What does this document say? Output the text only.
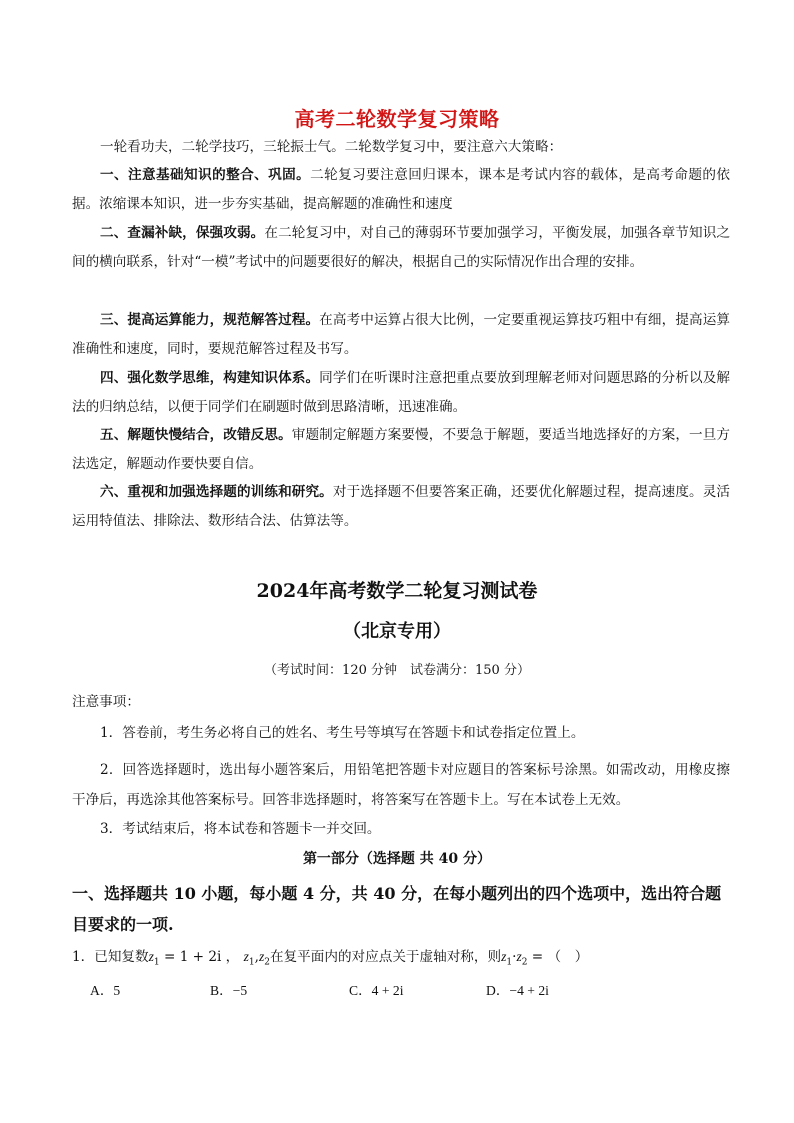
高考二轮数学复习策略

一轮看功夫，二轮学技巧，三轮振士气。二轮数学复习中，要注意六大策略：

一、注意基础知识的整合、巩固。二轮复习要注意回归课本，课本是考试内容的载体，是高考命题的依据。浓缩课本知识，进一步夯实基础，提高解题的准确性和速度

二、查漏补缺，保强攻弱。在二轮复习中，对自己的薄弱环节要加强学习，平衡发展，加强各章节知识之间的横向联系，针对“一模”考试中的问题要很好的解决，根据自己的实际情况作出合理的安排。

三、提高运算能力，规范解答过程。在高考中运算占很大比例，一定要重视运算技巧粗中有细，提高运算准确性和速度，同时，要规范解答过程及书写。

四、强化数学思维，构建知识体系。同学们在听课时注意把重点要放到理解老师对问题思路的分析以及解法的归纳总结，以便于同学们在刷题时做到思路清晰，迅速准确。

五、解题快慢结合，改错反思。审题制定解题方案要慢，不要急于解题，要适当地选择好的方案，一旦方法选定，解题动作要快要自信。

六、重视和加强选择题的训练和研究。对于选择题不但要答案正确，还要优化解题过程，提高速度。灵活运用特值法、排除法、数形结合法、估算法等。

2024年高考数学二轮复习测试卷
（北京专用）
（考试时间：120 分钟　试卷满分：150 分）
注意事项：

1．答卷前，考生务必将自己的姓名、考生号等填写在答题卡和试卷指定位置上。

2．回答选择题时，选出每小题答案后，用铅笔把答题卡对应题目的答案标号涂黑。如需改动，用橡皮擦干净后，再选涂其他答案标号。回答非选择题时，将答案写在答题卡上。写在本试卷上无效。

3．考试结束后，将本试卷和答题卡一并交回。

第一部分（选择题 共 40 分）

一、选择题共 10 小题，每小题 4 分，共 40 分，在每小题列出的四个选项中，选出符合题目要求的一项.

1．已知复数$z_1 = 1 + 2i$ ， $z_1,z_2$在复平面内的对应点关于虚轴对称，则$z_1\cdot z_2$ = （　）

A．5	B．−5	C．4 + 2i	D．−4 + 2i
